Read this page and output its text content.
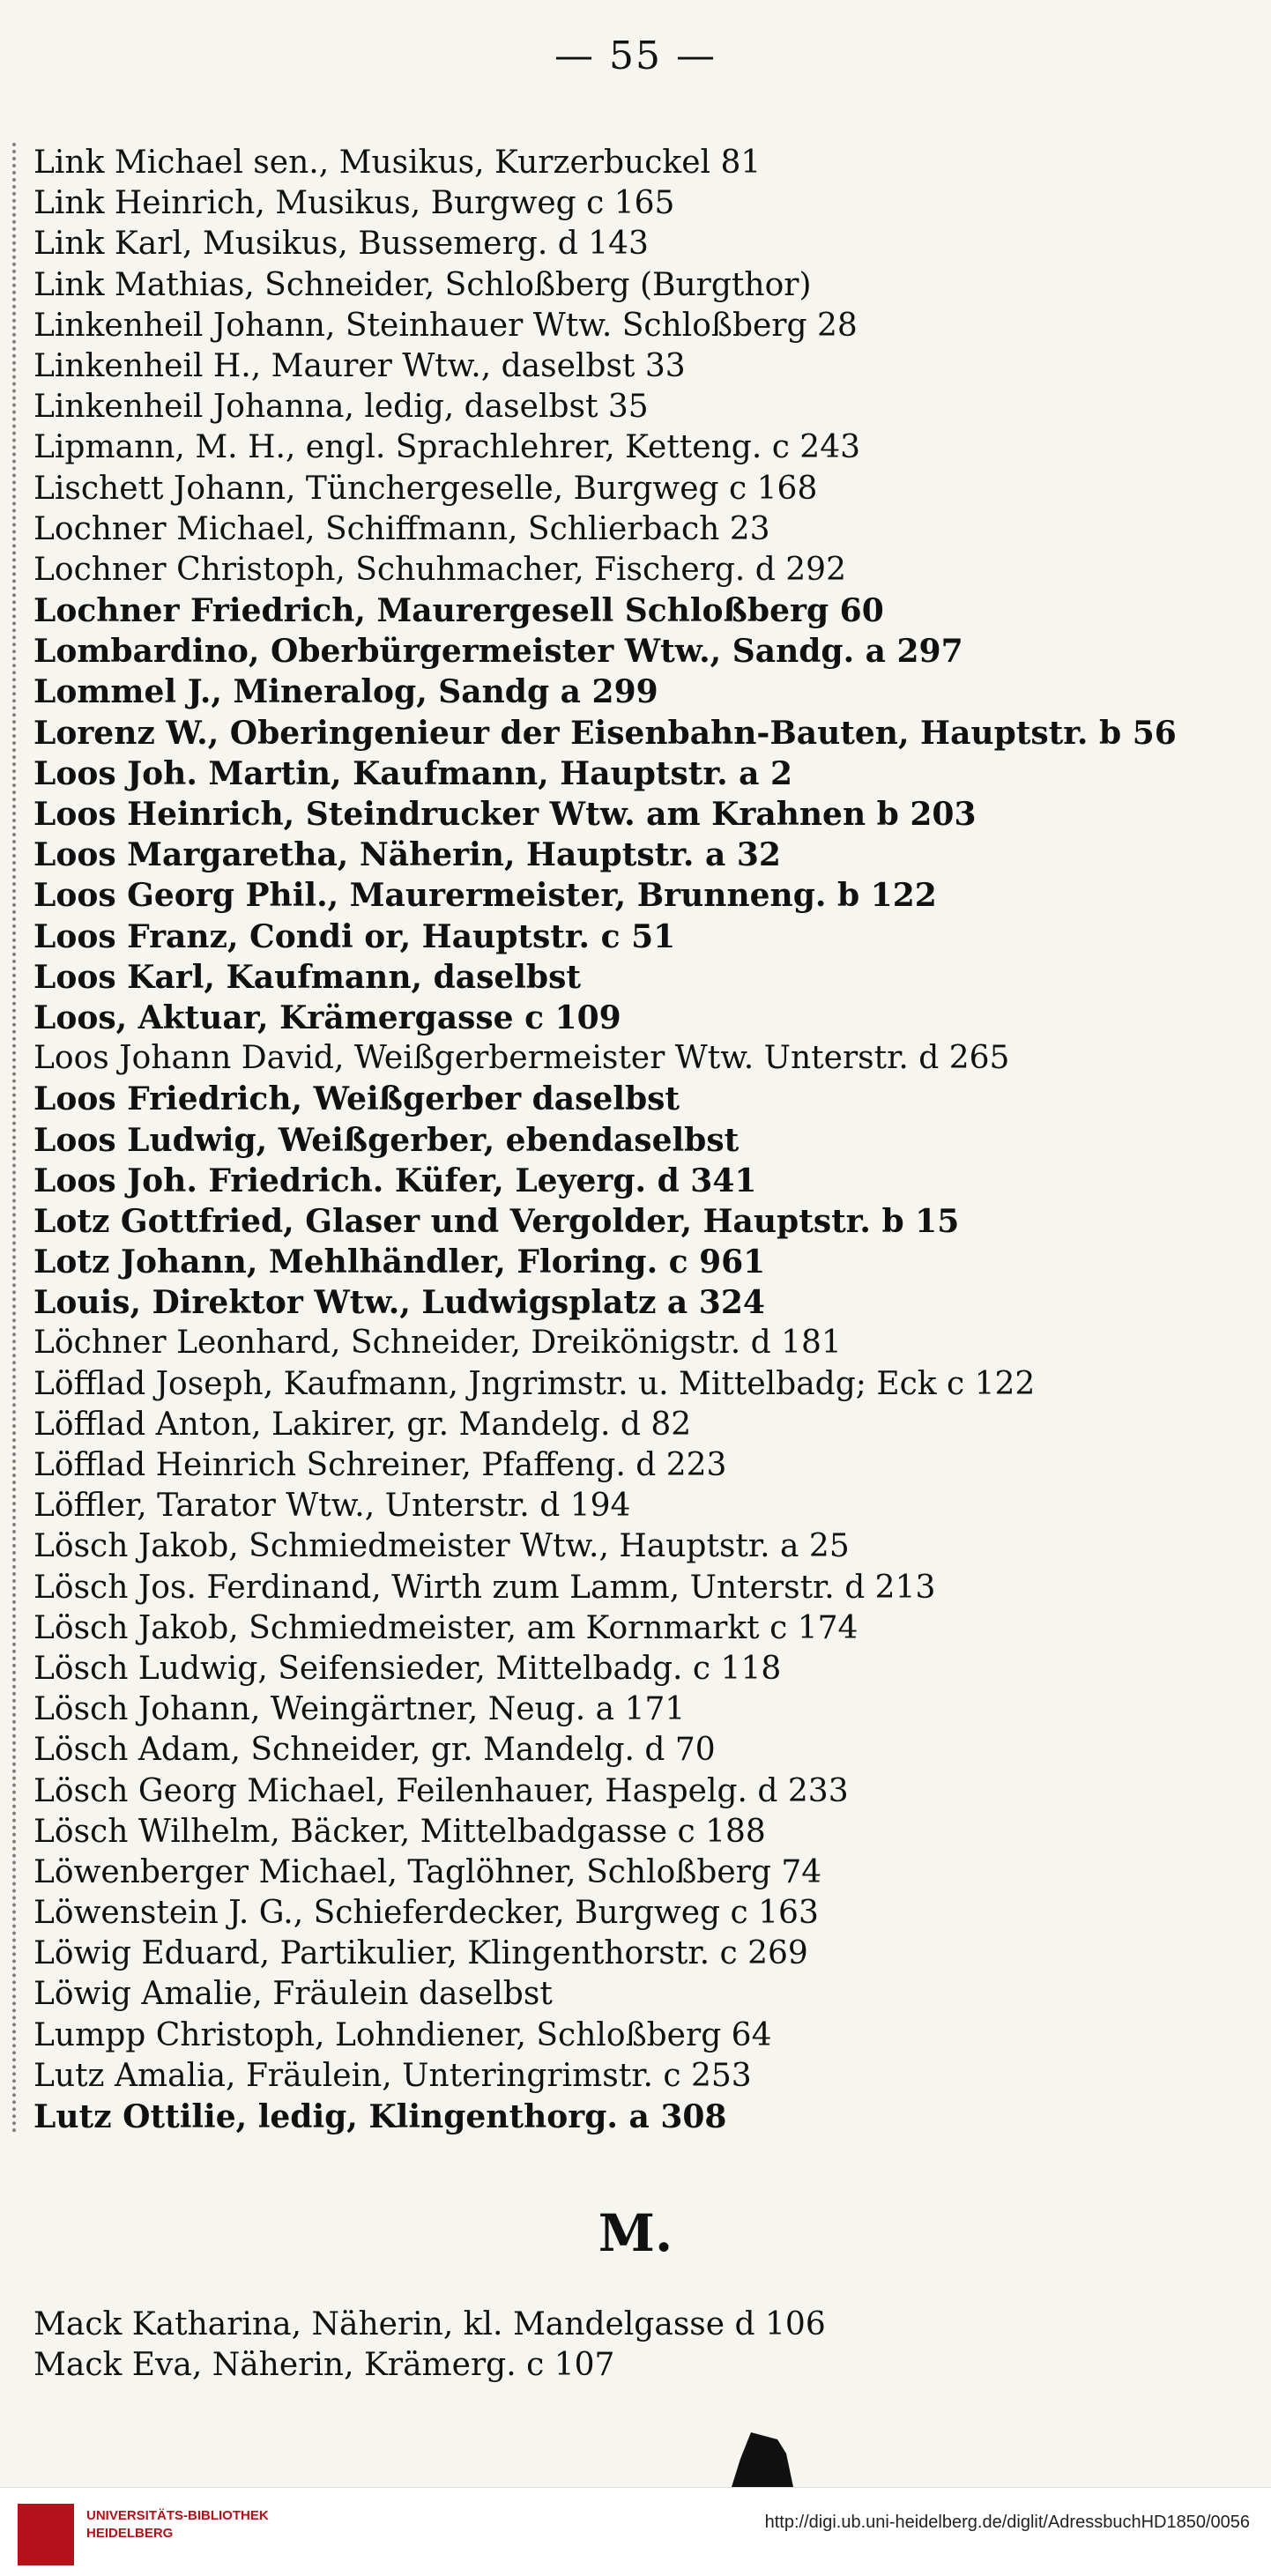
— 55 —
Link Michael sen., Musikus, Kurzerbuckel 81
Link Heinrich, Musikus, Burgweg c 165
Link Karl, Musikus, Bussemerg. d 143
Link Mathias, Schneider, Schloßberg (Burgthor)
Linkenheil Johann, Steinhauer Wtw. Schloßberg 28
Linkenheil H., Maurer Wtw., daselbst 33
Linkenheil Johanna, ledig, daselbst 35
Lipmann, M. H., engl. Sprachlehrer, Ketteng. c 243
Lischett Johann, Tünchergeselle, Burgweg c 168
Lochner Michael, Schiffmann, Schlierbach 23
Lochner Christoph, Schuhmacher, Fischerg. d 292
Lochner Friedrich, Maurergesell Schloßberg 60
Lombardino, Oberbürgermeister Wtw., Sandg. a 297
Lommel J., Mineralog, Sandg a 299
Lorenz W., Oberingenieur der Eisenbahn-Bauten, Hauptstr. b 56
Loos Joh. Martin, Kaufmann, Hauptstr. a 2
Loos Heinrich, Steindrucker Wtw. am Krahnen b 203
Loos Margaretha, Näherin, Hauptstr. a 32
Loos Georg Phil., Maurermeister, Brunneng. b 122
Loos Franz, Condi or, Hauptstr. c 51
Loos Karl, Kaufmann, daselbst
Loos, Aktuar, Krämergasse c 109
Loos Johann David, Weißgerbermeister Wtw. Unterstr. d 265
Loos Friedrich, Weißgerber daselbst
Loos Ludwig, Weißgerber, ebendaselbst
Loos Joh. Friedrich. Küfer, Leyerg. d 341
Lotz Gottfried, Glaser und Vergolder, Hauptstr. b 15
Lotz Johann, Mehlhändler, Floring. c 961
Louis, Direktor Wtw., Ludwigsplatz a 324
Löchner Leonhard, Schneider, Dreikönigstr. d 181
Löfflad Joseph, Kaufmann, Jngrimstr. u. Mittelbadg; Eck c 122
Löfflad Anton, Lakirer, gr. Mandelg. d 82
Löfflad Heinrich Schreiner, Pfaffeng. d 223
Löffler, Tarator Wtw., Unterstr. d 194
Lösch Jakob, Schmiedmeister Wtw., Hauptstr. a 25
Lösch Jos. Ferdinand, Wirth zum Lamm, Unterstr. d 213
Lösch Jakob, Schmiedmeister, am Kornmarkt c 174
Lösch Ludwig, Seifensieder, Mittelbadg. c 118
Lösch Johann, Weingärtner, Neug. a 171
Lösch Adam, Schneider, gr. Mandelg. d 70
Lösch Georg Michael, Feilenhauer, Haspelg. d 233
Lösch Wilhelm, Bäcker, Mittelbadgasse c 188
Löwenberger Michael, Taglöhner, Schloßberg 74
Löwenstein J. G., Schieferdecker, Burgweg c 163
Löwig Eduard, Partikulier, Klingenthorstr. c 269
Löwig Amalie, Fräulein daselbst
Lumpp Christoph, Lohndiener, Schloßberg 64
Lutz Amalia, Fräulein, Unteringrimstr. c 253
Lutz Ottilie, ledig, Klingenthorg. a 308
M.
Mack Katharina, Näherin, kl. Mandelgasse d 106
Mack Eva, Näherin, Krämerg. c 107
UNIVERSITÄTS-BIBLIOTHEK HEIDELBERG
http://digi.ub.uni-heidelberg.de/diglit/AdressbuchHD1850/0056
